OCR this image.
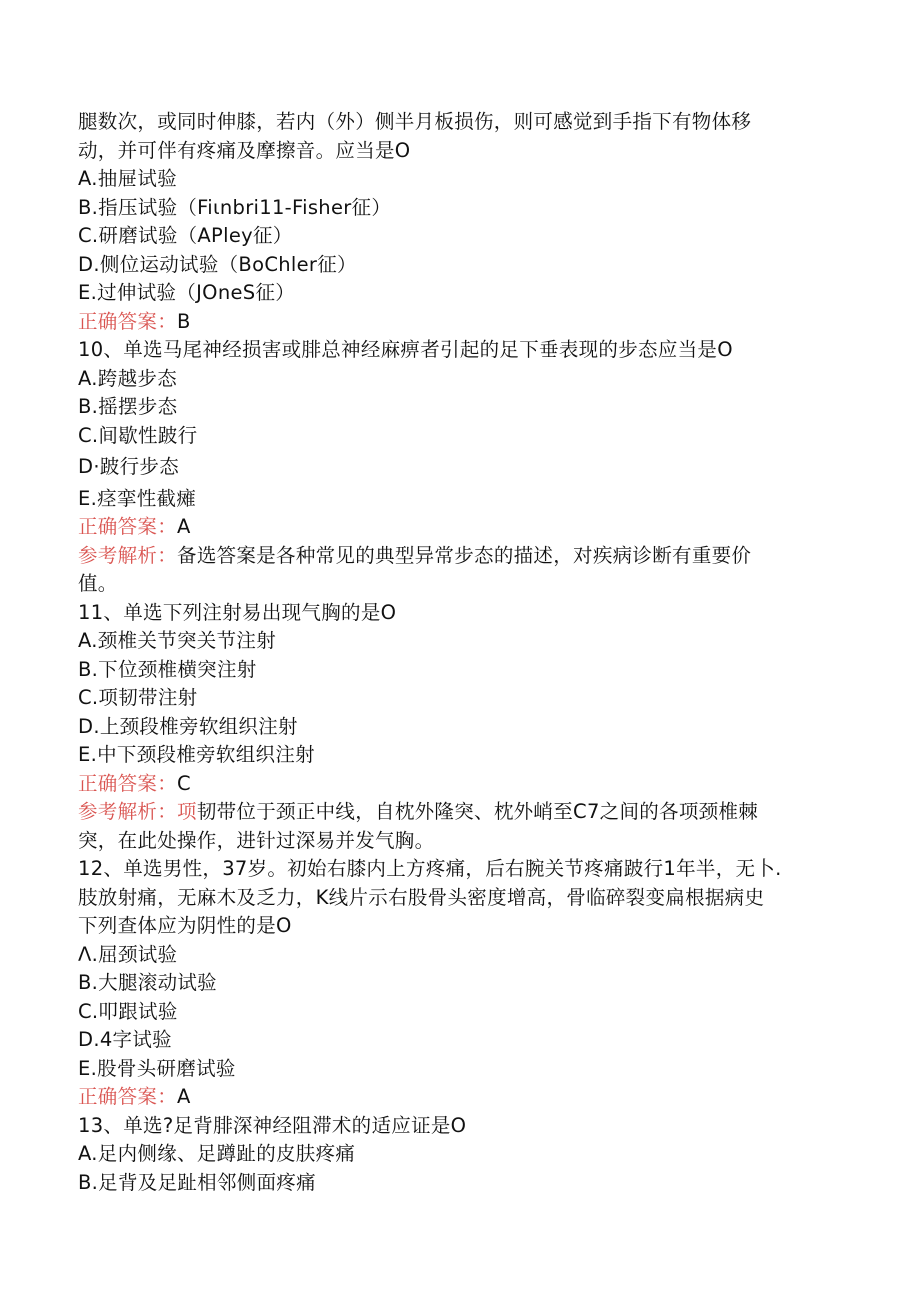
腿数次，或同时伸膝，若内（外）侧半月板损伤，则可感觉到手指下有物体移
动，并可伴有疼痛及摩擦音。应当是O
A.抽屉试验
B.指压试验（Fiιnbri11-Fisher征）
C.研磨试验（APley征）
D.侧位运动试验（BoChler征）
E.过伸试验（JOneS征）
正确答案：B
10、单选马尾神经损害或腓总神经麻痹者引起的足下垂表现的步态应当是O
A.跨越步态
B.摇摆步态
C.间歇性跛行
D·跛行步态
E.痉挛性截瘫
正确答案：A
参考解析：备选答案是各种常见的典型异常步态的描述，对疾病诊断有重要价
值。
11、单选下列注射易出现气胸的是O
A.颈椎关节突关节注射
B.下位颈椎横突注射
C.项韧带注射
D.上颈段椎旁软组织注射
E.中下颈段椎旁软组织注射
正确答案：C
参考解析：项韧带位于颈正中线，自枕外隆突、枕外峭至C7之间的各项颈椎棘
突，在此处操作，进针过深易并发气胸。
12、单选男性，37岁。初始右膝内上方疼痛，后右腕关节疼痛跛行1年半，无卜.
肢放射痛，无麻木及乏力，K线片示右股骨头密度增高，骨临碎裂变扁根据病史
下列查体应为阴性的是O
Λ.屈颈试验
B.大腿滚动试验
C.叩跟试验
D.4字试验
E.股骨头研磨试验
正确答案：A
13、单选?足背腓深神经阻滞术的适应证是O
A.足内侧缘、足蹲趾的皮肤疼痛
B.足背及足趾相邻侧面疼痛
